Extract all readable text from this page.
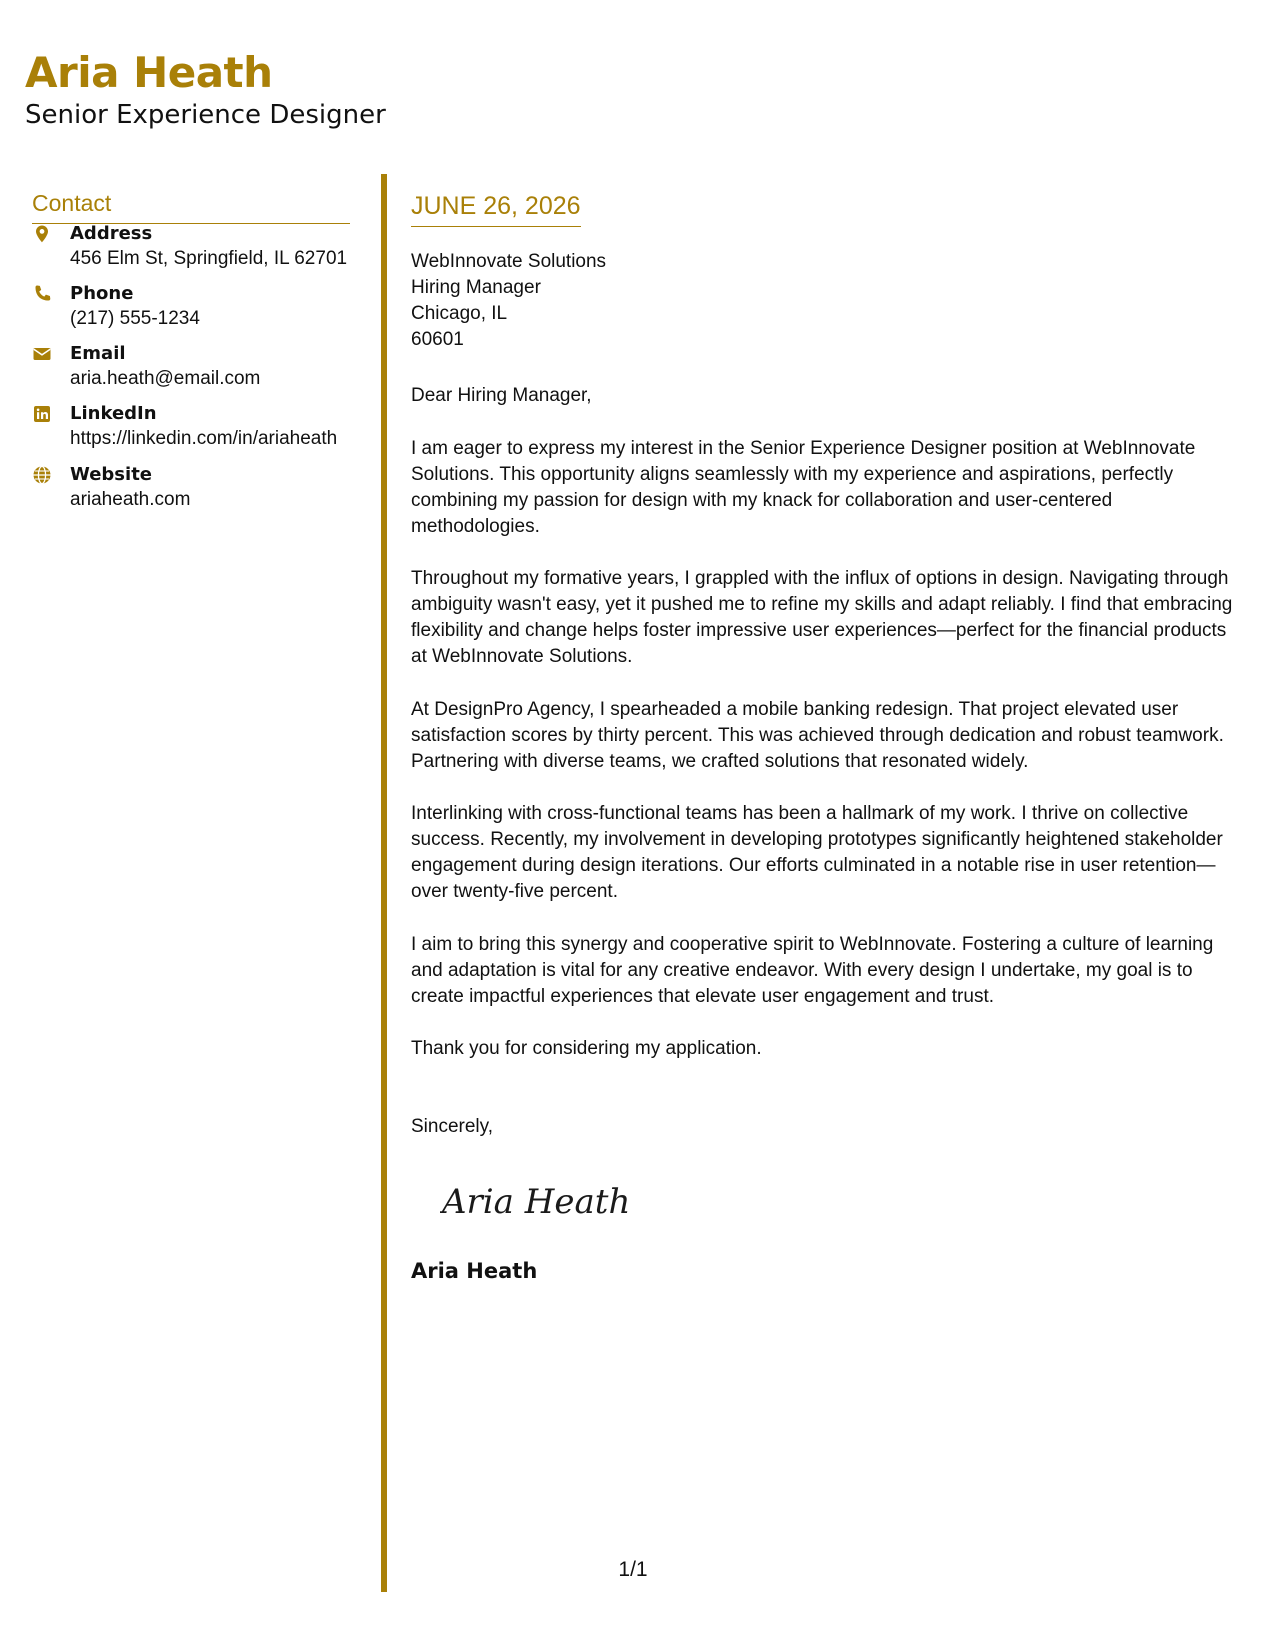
Aria Heath
Senior Experience Designer
Contact
Address
456 Elm St, Springfield, IL 62701
Phone
(217) 555-1234
Email
aria.heath@email.com
LinkedIn
https://linkedin.com/in/ariaheath
Website
ariaheath.com
JUNE 26, 2026
WebInnovate Solutions
Hiring Manager
Chicago, IL
60601

Dear Hiring Manager,

I am eager to express my interest in the Senior Experience Designer position at WebInnovate Solutions. This opportunity aligns seamlessly with my experience and aspirations, perfectly combining my passion for design with my knack for collaboration and user-centered methodologies.

Throughout my formative years, I grappled with the influx of options in design. Navigating through ambiguity wasn't easy, yet it pushed me to refine my skills and adapt reliably. I find that embracing flexibility and change helps foster impressive user experiences—perfect for the financial products at WebInnovate Solutions.

At DesignPro Agency, I spearheaded a mobile banking redesign. That project elevated user satisfaction scores by thirty percent. This was achieved through dedication and robust teamwork. Partnering with diverse teams, we crafted solutions that resonated widely.

Interlinking with cross-functional teams has been a hallmark of my work. I thrive on collective success. Recently, my involvement in developing prototypes significantly heightened stakeholder engagement during design iterations. Our efforts culminated in a notable rise in user retention—over twenty-five percent.

I aim to bring this synergy and cooperative spirit to WebInnovate. Fostering a culture of learning and adaptation is vital for any creative endeavor. With every design I undertake, my goal is to create impactful experiences that elevate user engagement and trust.

Thank you for considering my application.

Sincerely,

Aria Heath
Aria Heath
1/1
